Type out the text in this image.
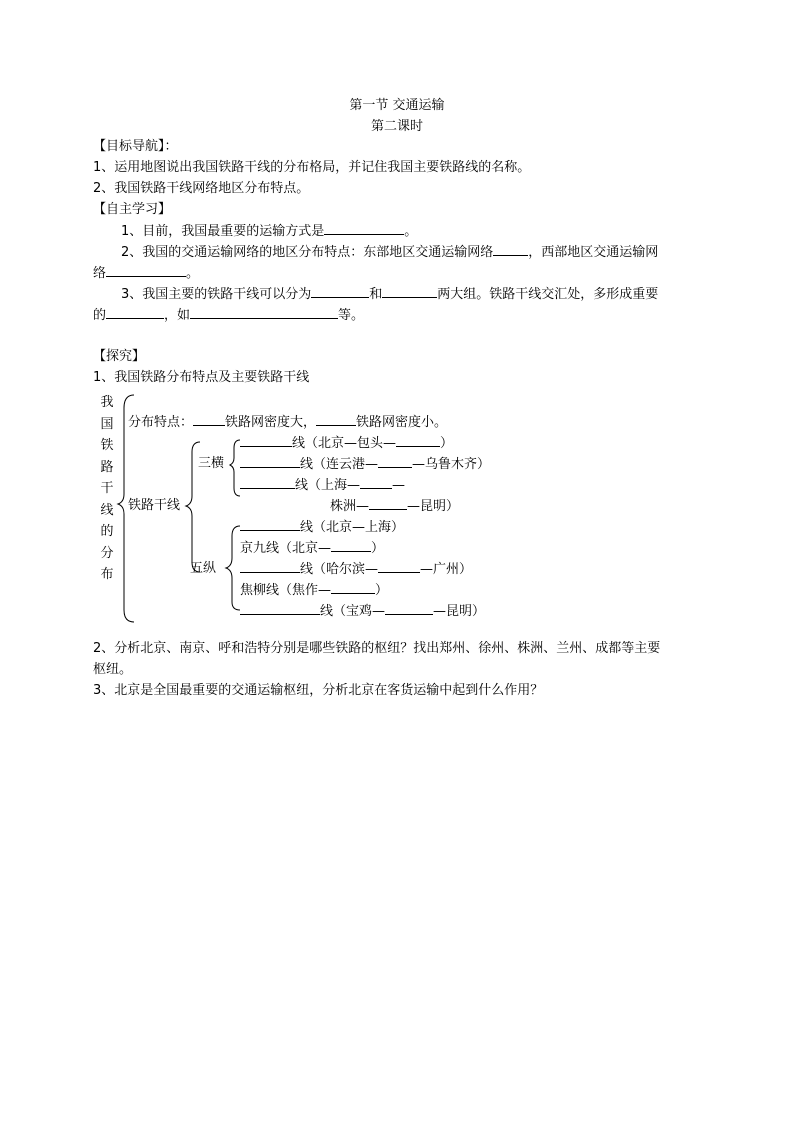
第一节 交通运输
第二课时
【目标导航】：
1、运用地图说出我国铁路干线的分布格局，并记住我国主要铁路线的名称。
2、我国铁路干线网络地区分布特点。
【自主学习】
1、目前，我国最重要的运输方式是	。
2、我国的交通运输网络的地区分布特点：东部地区交通运输网络	，西部地区交通运输网
络	。
3、我国主要的铁路干线可以分为	和	两大组。铁路干线交汇处，多形成重要
的	，如	等。
【探究】
1、我国铁路分布特点及主要铁路干线
我
国
铁
路
干
线
的
分
布
分布特点： 铁路网密度大，	铁路网密度小。
铁路干线
三横
五纵
线（北京—包头—	）
线（连云港—	—乌鲁木齐）
线（上海— —
株洲—	—昆明）
线（北京—上海）
京九线（北京—	）
线（哈尔滨—	—广州）
焦柳线（焦作—	）
线（宝鸡—	—昆明）
2、分析北京、南京、呼和浩特分别是哪些铁路的枢纽？找出郑州、徐州、株洲、兰州、成都等主要
枢纽。
3、北京是全国最重要的交通运输枢纽，分析北京在客货运输中起到什么作用？
